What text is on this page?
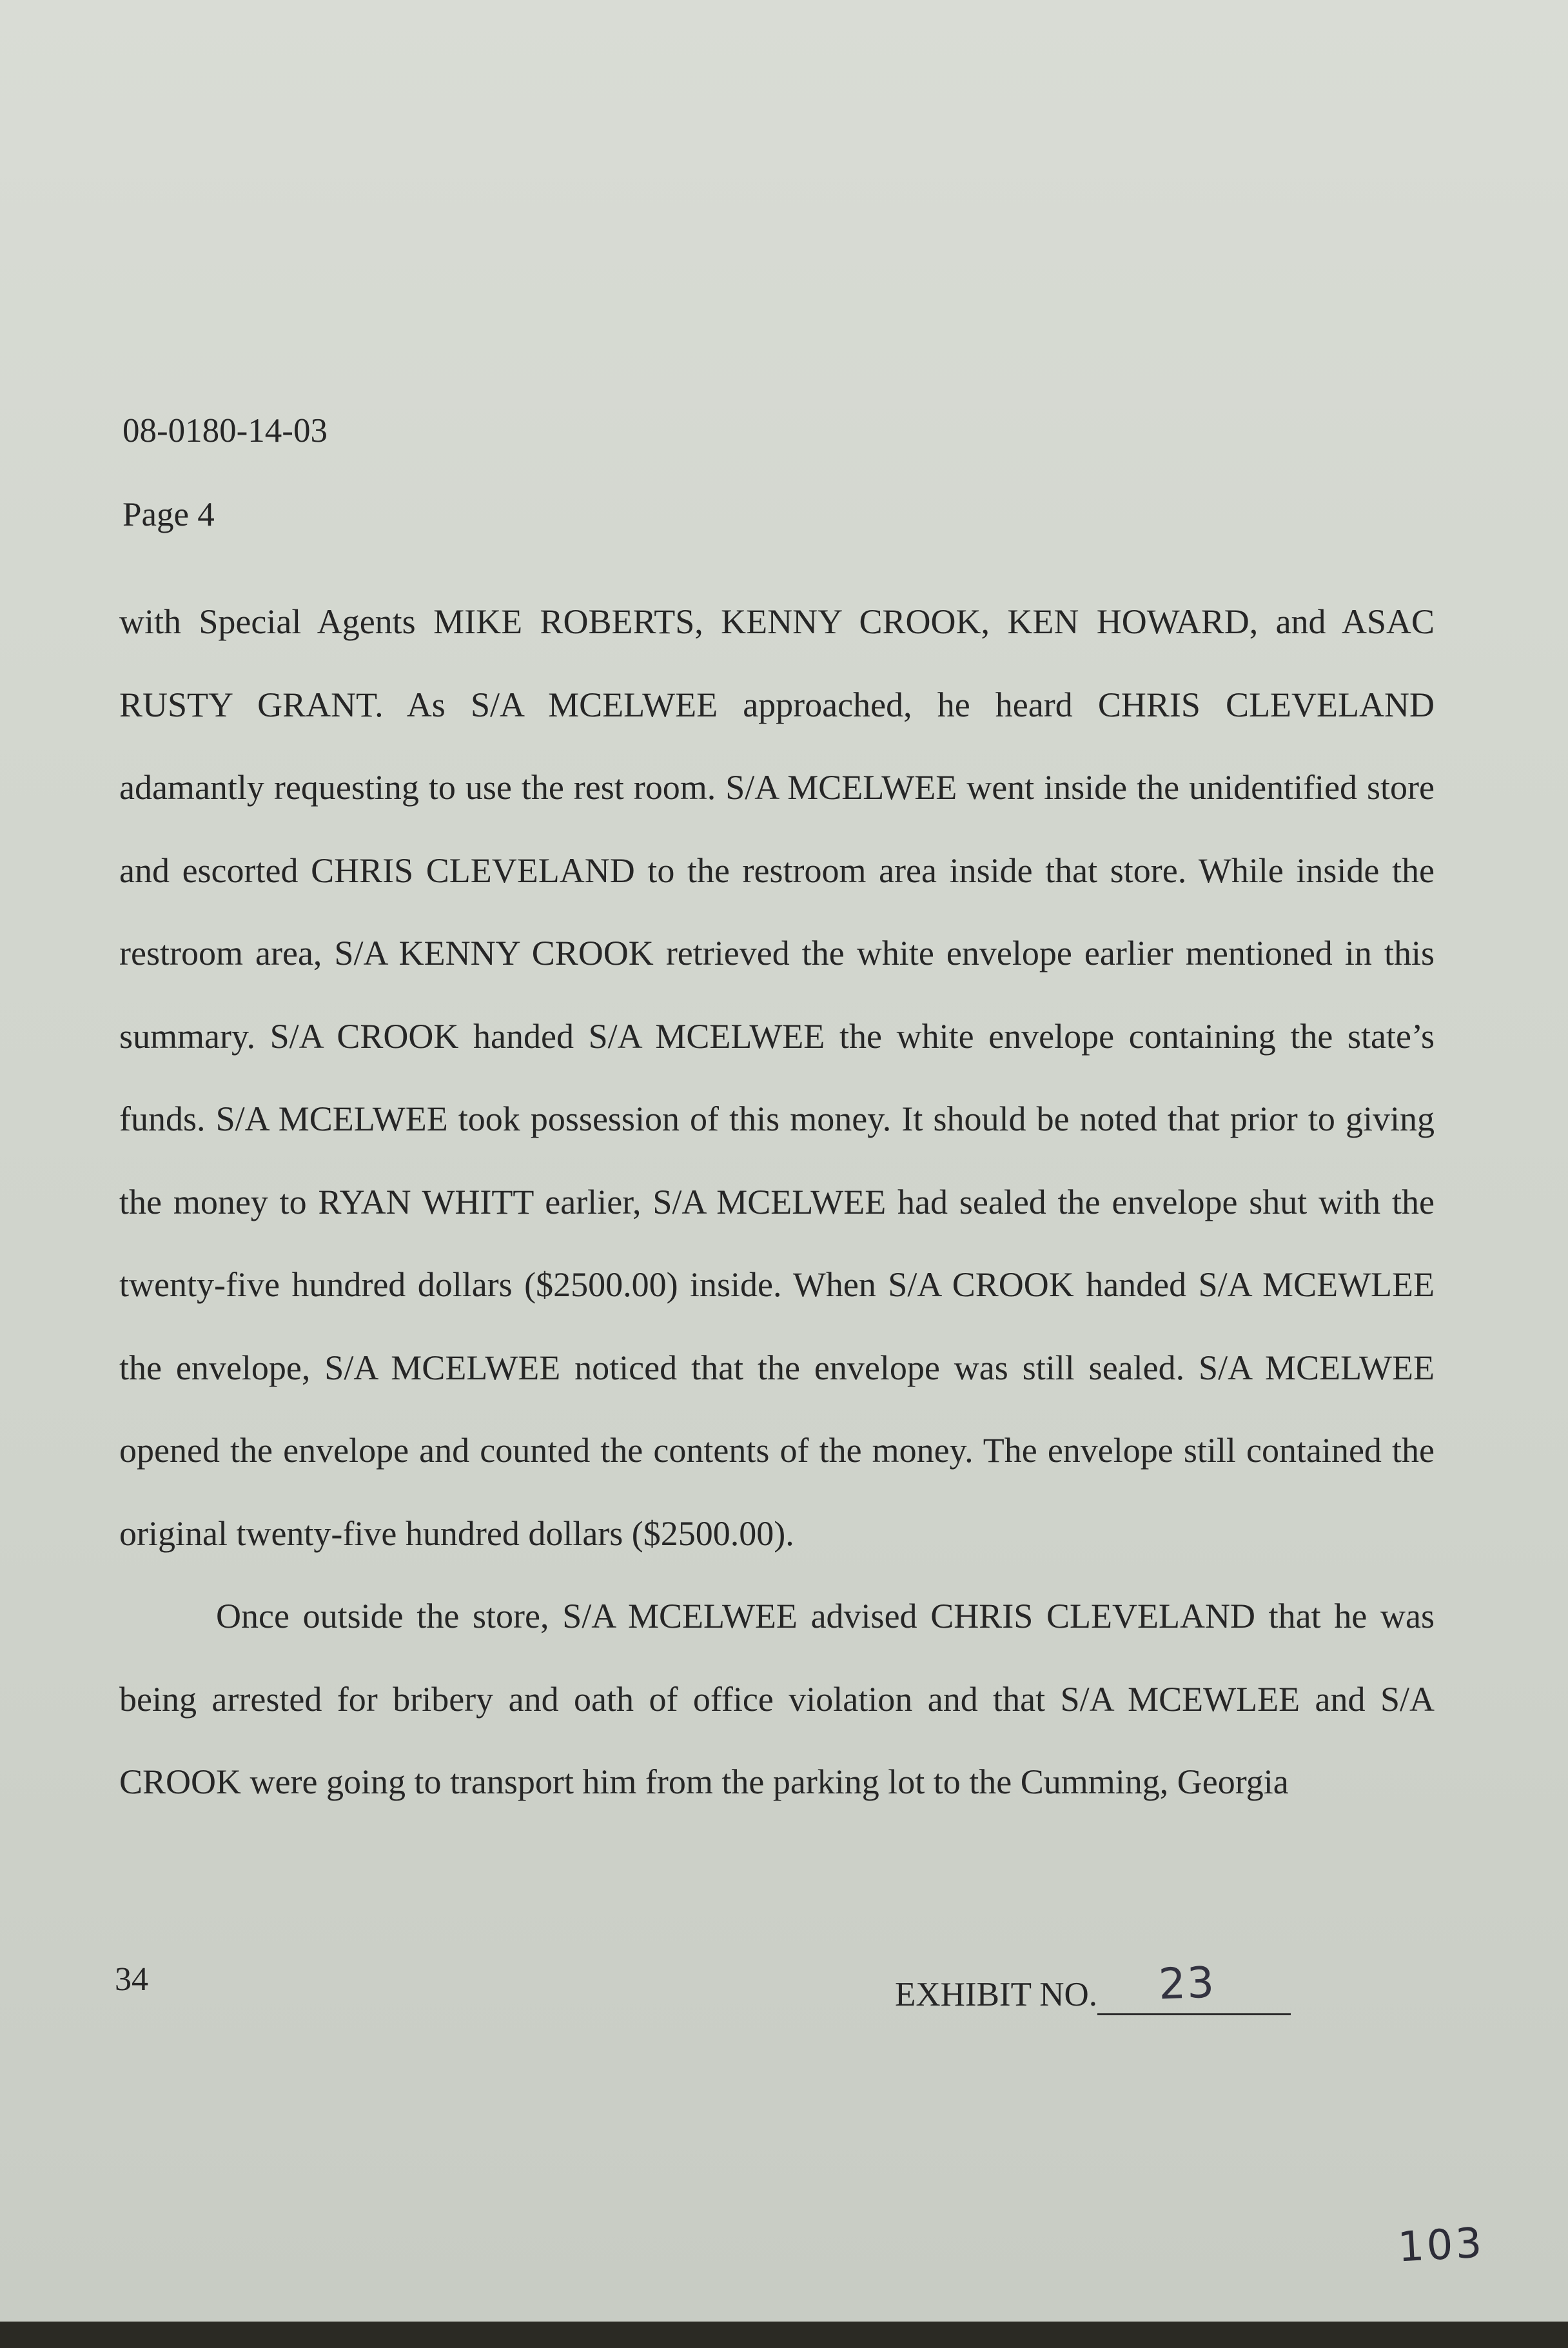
08-0180-14-03
Page 4

with Special Agents MIKE ROBERTS, KENNY CROOK, KEN HOWARD, and ASAC RUSTY GRANT. As S/A MCELWEE approached, he heard CHRIS CLEVELAND adamantly requesting to use the rest room. S/A MCELWEE went inside the unidentified store and escorted CHRIS CLEVELAND to the restroom area inside that store. While inside the restroom area, S/A KENNY CROOK retrieved the white envelope earlier mentioned in this summary. S/A CROOK handed S/A MCELWEE the white envelope containing the state’s funds. S/A MCELWEE took possession of this money. It should be noted that prior to giving the money to RYAN WHITT earlier, S/A MCELWEE had sealed the envelope shut with the twenty-five hundred dollars ($2500.00) inside. When S/A CROOK handed S/A MCEWLEE the envelope, S/A MCELWEE noticed that the envelope was still sealed. S/A MCELWEE opened the envelope and counted the contents of the money. The envelope still contained the original twenty-five hundred dollars ($2500.00).

Once outside the store, S/A MCELWEE advised CHRIS CLEVELAND that he was being arrested for bribery and oath of office violation and that S/A MCEWLEE and S/A CROOK were going to transport him from the parking lot to the Cumming, Georgia

34	EXHIBIT NO. 23
103
